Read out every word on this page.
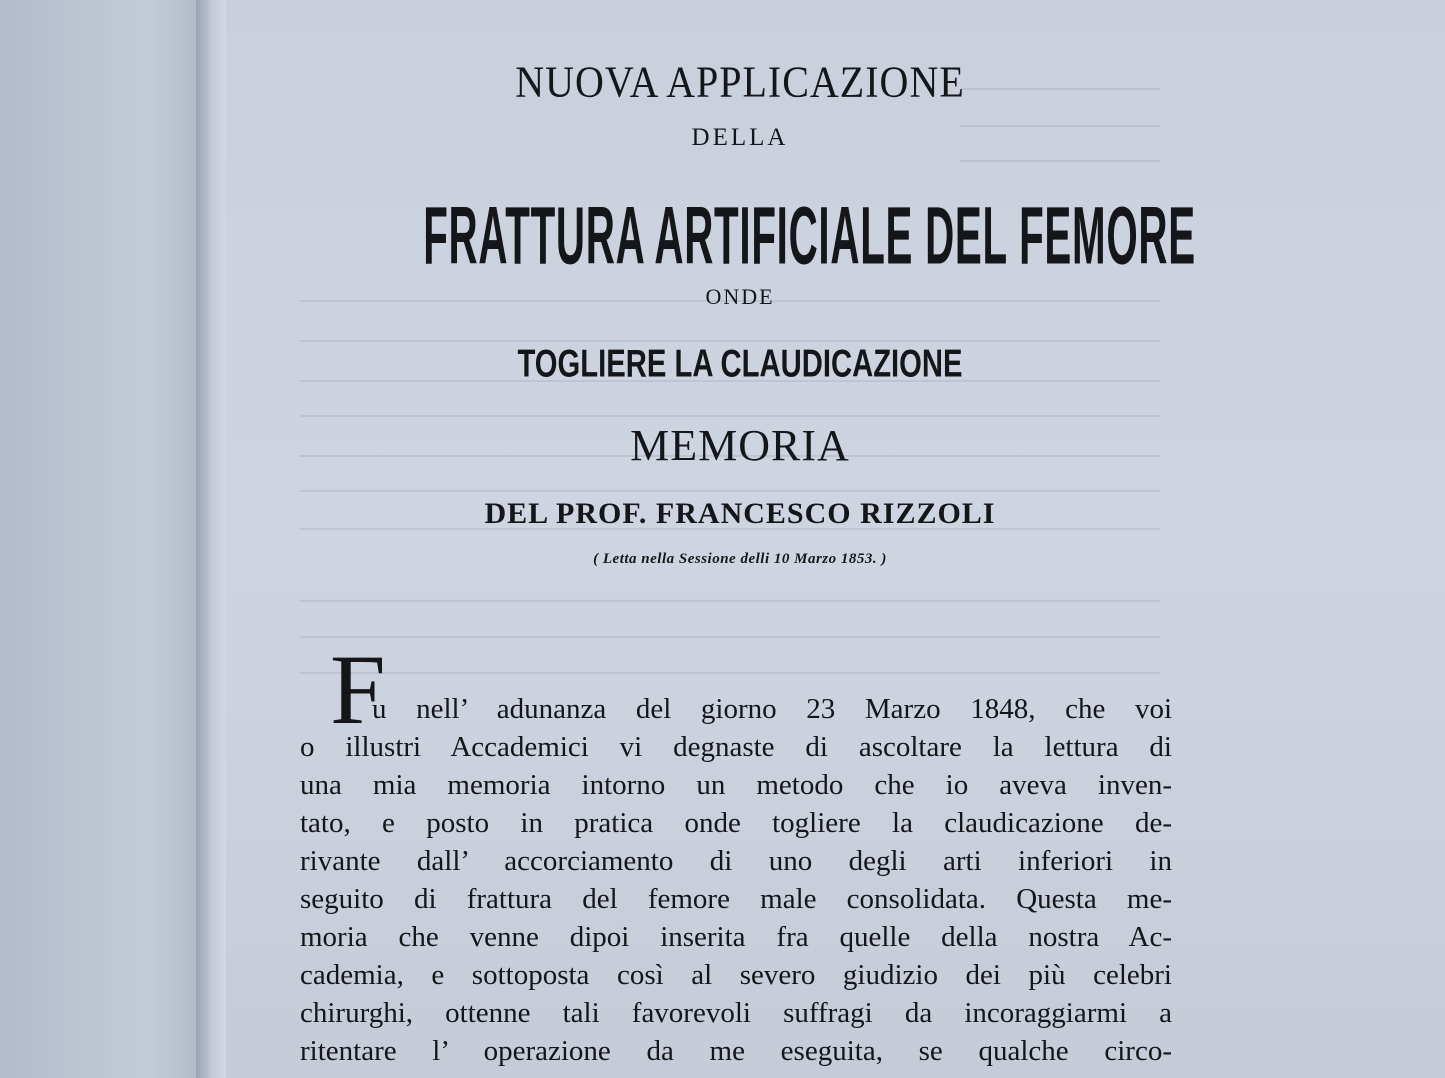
NUOVA APPLICAZIONE
DELLA
FRATTURA ARTIFICIALE DEL FEMORE
ONDE
TOGLIERE LA CLAUDICAZIONE
MEMORIA
DEL PROF. FRANCESCO RIZZOLI
( Letta nella Sessione delli 10 Marzo 1853. )
F
u nell’ adunanza del giorno 23 Marzo 1848, che voi
o illustri Accademici vi degnaste di ascoltare la lettura di
una mia memoria intorno un metodo che io aveva inven-
tato, e posto in pratica onde togliere la claudicazione de-
rivante dall’ accorciamento di uno degli arti inferiori in
seguito di frattura del femore male consolidata. Questa me-
moria che venne dipoi inserita fra quelle della nostra Ac-
cademia, e sottoposta così al severo giudizio dei più celebri
chirurghi, ottenne tali favorevoli suffragi da incoraggiarmi a
ritentare l’ operazione da me eseguita, se qualche circo-
